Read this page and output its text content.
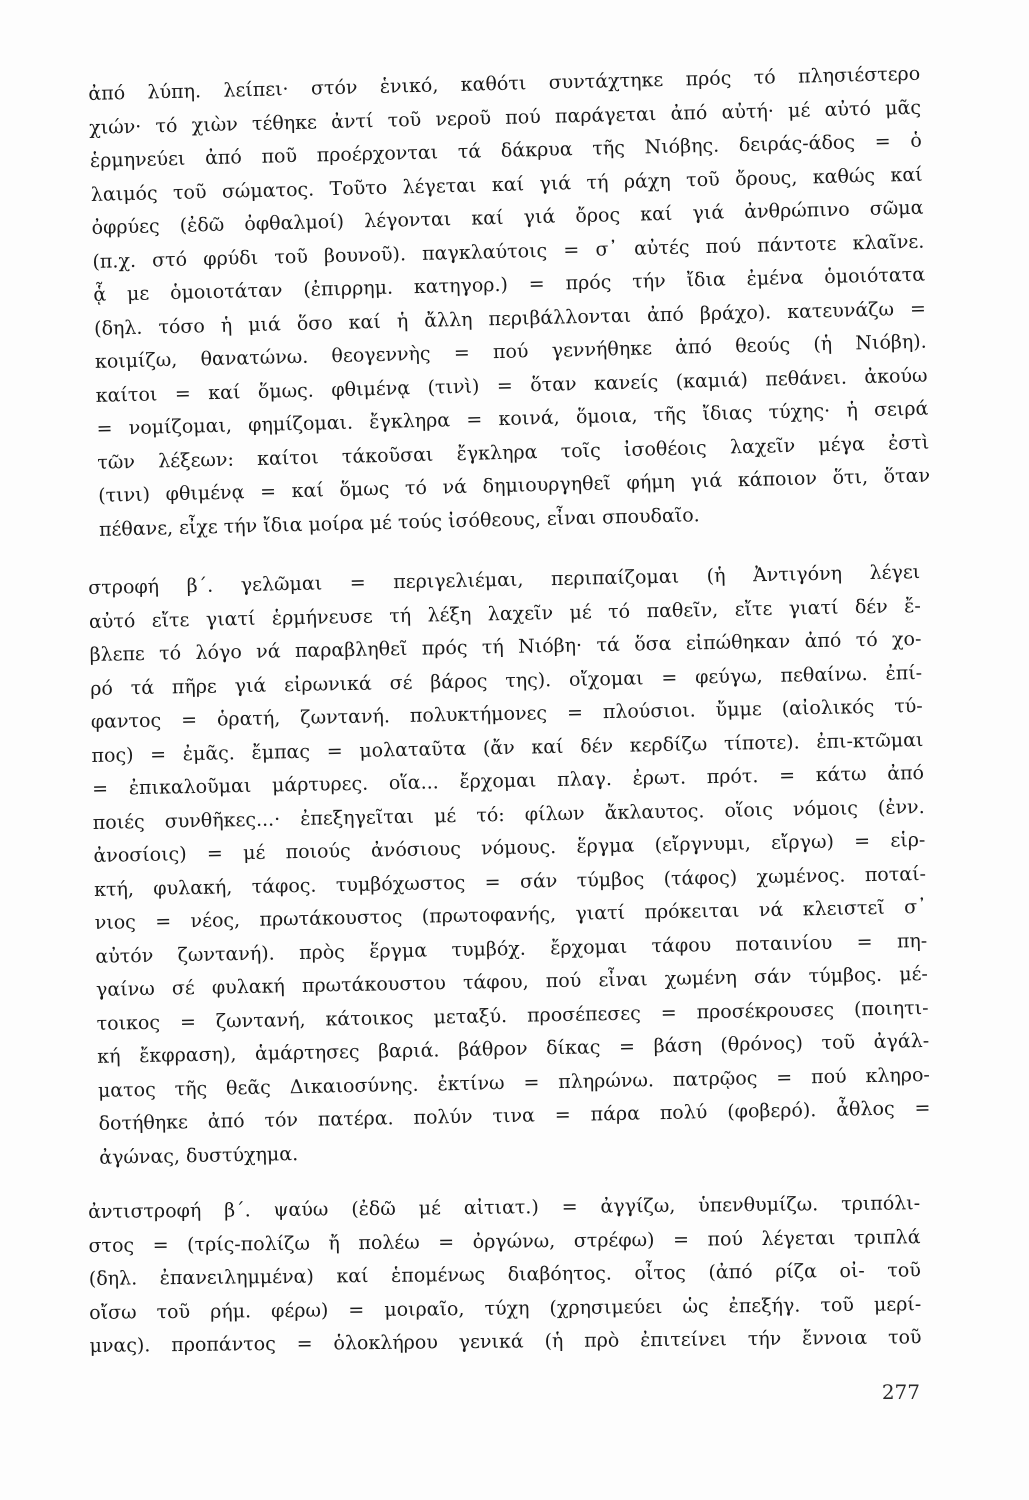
ἀπό λύπη. λείπει· στόν ἑνικό, καθότι συντάχτηκε πρός τό πλησιέστερο
χιών· τό χιὼν τέθηκε ἀντί τοῦ νεροῦ πού παράγεται ἀπό αὐτή· μέ αὐτό μᾶς
ἑρμηνεύει ἀπό ποῦ προέρχονται τά δάκρυα τῆς Νιόβης. δειράς-άδος = ὁ
λαιμός τοῦ σώματος. Τοῦτο λέγεται καί γιά τή ράχη τοῦ ὄρους, καθώς καί
ὀφρύες (ἐδῶ ὀφθαλμοί) λέγονται καί γιά ὄρος καί γιά ἀνθρώπινο σῶμα
(π.χ. στό φρύδι τοῦ βουνοῦ). παγκλαύτοις = σ᾽ αὐτές πού πάντοτε κλαῖνε.
ᾇ με ὁμοιοτάταν (ἐπιρρημ. κατηγορ.) = πρός τήν ἴδια ἐμένα ὁμοιότατα
(δηλ. τόσο ἡ μιά ὅσο καί ἡ ἄλλη περιβάλλονται ἀπό βράχο). κατευνάζω =
κοιμίζω, θανατώνω. θεογεννὴς = πού γεννήθηκε ἀπό θεούς (ἡ Νιόβη).
καίτοι = καί ὅμως. φθιμένᾳ (τινὶ) = ὅταν κανείς (καμιά) πεθάνει. ἀκούω
= νομίζομαι, φημίζομαι. ἔγκληρα = κοινά, ὅμοια, τῆς ἴδιας τύχης· ἡ σειρά
τῶν λέξεων: καίτοι τάκοῦσαι ἔγκληρα τοῖς ἰσοθέοις λαχεῖν μέγα ἐστὶ
(τινι) φθιμένᾳ = καί ὅμως τό νά δημιουργηθεῖ φήμη γιά κάποιον ὅτι, ὅταν
πέθανε, εἶχε τήν ἴδια μοίρα μέ τούς ἰσόθεους, εἶναι σπουδαῖο.
στροφή β΄. γελῶμαι = περιγελιέμαι, περιπαίζομαι (ἡ Ἀντιγόνη λέγει
αὐτό εἴτε γιατί ἑρμήνευσε τή λέξη λαχεῖν μέ τό παθεῖν, εἴτε γιατί δέν ἔ-
βλεπε τό λόγο νά παραβληθεῖ πρός τή Νιόβη· τά ὅσα εἰπώθηκαν ἀπό τό χο-
ρό τά πῆρε γιά εἰρωνικά σέ βάρος της). οἴχομαι = φεύγω, πεθαίνω. ἐπί-
φαντος = ὁρατή, ζωντανή. πολυκτήμονες = πλούσιοι. ὔμμε (αἰολικός τύ-
πος) = ἐμᾶς. ἔμπας = μολαταῦτα (ἄν καί δέν κερδίζω τίποτε). ἐπι-κτῶμαι
= ἐπικαλοῦμαι μάρτυρες. οἵα... ἔρχομαι πλαγ. ἐρωτ. πρότ. = κάτω ἀπό
ποιές συνθῆκες...· ἐπεξηγεῖται μέ τό: φίλων ἄκλαυτος. οἵοις νόμοις (ἐνν.
ἀνοσίοις) = μέ ποιούς ἀνόσιους νόμους. ἕργμα (εἴργνυμι, εἴργω) = εἱρ-
κτή, φυλακή, τάφος. τυμβόχωστος = σάν τύμβος (τάφος) χωμένος. ποταί-
νιος = νέος, πρωτάκουστος (πρωτοφανής, γιατί πρόκειται νά κλειστεῖ σ᾽
αὐτόν ζωντανή). πρὸς ἕργμα τυμβόχ. ἔρχομαι τάφου ποταινίου = πη-
γαίνω σέ φυλακή πρωτάκουστου τάφου, πού εἶναι χωμένη σάν τύμβος. μέ-
τοικος = ζωντανή, κάτοικος μεταξύ. προσέπεσες = προσέκρουσες (ποιητι-
κή ἔκφραση), ἁμάρτησες βαριά. βάθρον δίκας = βάση (θρόνος) τοῦ ἀγάλ-
ματος τῆς θεᾶς Δικαιοσύνης. ἐκτίνω = πληρώνω. πατρῷος = πού κληρο-
δοτήθηκε ἀπό τόν πατέρα. πολύν τινα = πάρα πολύ (φοβερό). ἆθλος =
ἀγώνας, δυστύχημα.
ἀντιστροφή β΄. ψαύω (ἐδῶ μέ αἰτιατ.) = ἀγγίζω, ὑπενθυμίζω. τριπόλι-
στος = (τρίς-πολίζω ἤ πολέω = ὀργώνω, στρέφω) = πού λέγεται τριπλά
(δηλ. ἐπανειλημμένα) καί ἑπομένως διαβόητος. οἶτος (ἀπό ρίζα οἰ- τοῦ
οἴσω τοῦ ρήμ. φέρω) = μοιραῖο, τύχη (χρησιμεύει ὡς ἐπεξήγ. τοῦ μερί-
μνας). προπάντος = ὁλοκλήρου γενικά (ἡ πρὸ ἐπιτείνει τήν ἔννοια τοῦ
277
